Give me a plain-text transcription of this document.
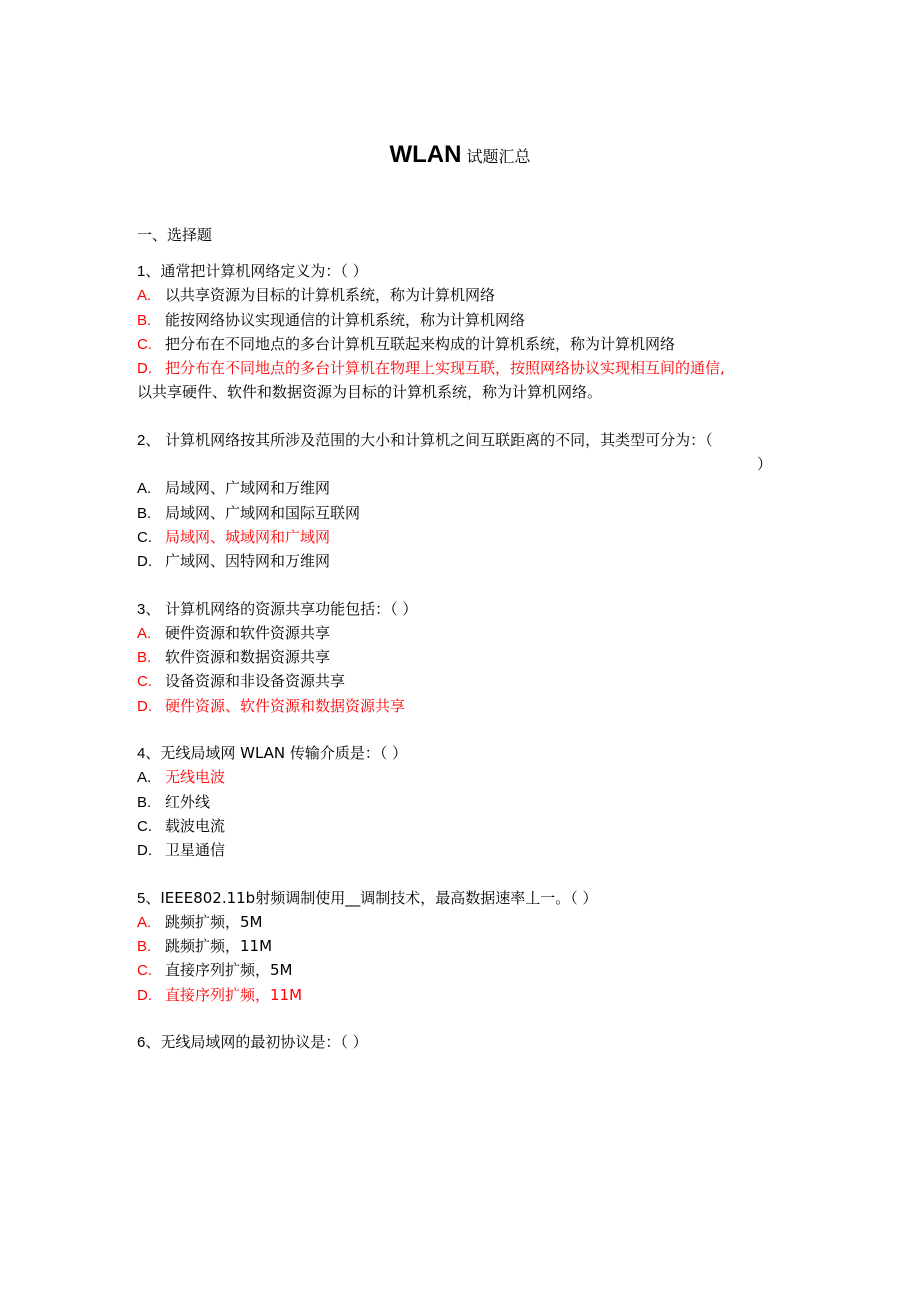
WLAN 试题汇总
一、选择题
1、通常把计算机网络定义为：（ ）
A. 以共享资源为目标的计算机系统，称为计算机网络
B. 能按网络协议实现通信的计算机系统，称为计算机网络
C. 把分布在不同地点的多台计算机互联起来构成的计算机系统，称为计算机网络
D. 把分布在不同地点的多台计算机在物理上实现互联，按照网络协议实现相互间的通信,
以共享硬件、软件和数据资源为目标的计算机系统，称为计算机网络。
2、 计算机网络按其所涉及范围的大小和计算机之间互联距离的不同，其类型可分为：（
）
A. 局域网、广域网和万维网
B. 局域网、广域网和国际互联网
C. 局域网、城域网和广域网
D. 广域网、因特网和万维网
3、 计算机网络的资源共享功能包括：（ ）
A. 硬件资源和软件资源共享
B. 软件资源和数据资源共享
C. 设备资源和非设备资源共享
D. 硬件资源、软件资源和数据资源共享
4、无线局域网 WLAN 传输介质是：（ ）
A. 无线电波
B. 红外线
C. 载波电流
D. 卫星通信
5、IEEE802.11b射频调制使用__调制技术，最高数据速率丄一。（ ）
A. 跳频扩频，5M
B. 跳频扩频，11M
C. 直接序列扩频，5M
D. 直接序列扩频，11M
6、无线局域网的最初协议是：（ ）
